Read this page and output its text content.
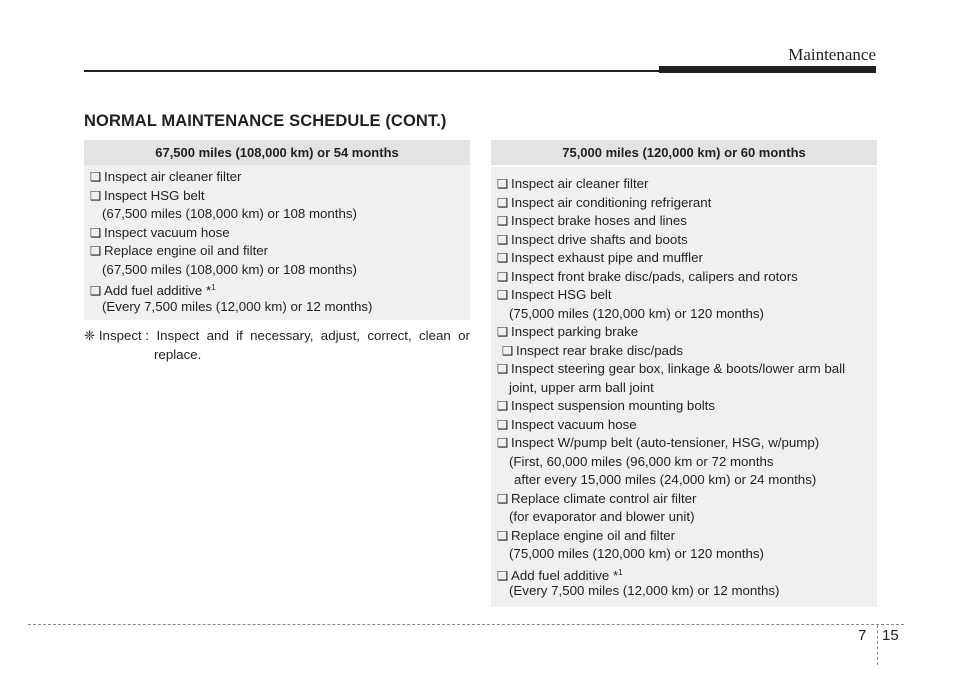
Maintenance
NORMAL MAINTENANCE SCHEDULE (CONT.)
67,500 miles (108,000 km) or 54 months
❑ Inspect air cleaner filter
❑ Inspect HSG belt
(67,500 miles (108,000 km) or 108 months)
❑ Inspect vacuum hose
❑ Replace engine oil and filter
(67,500 miles (108,000 km) or 108 months)
❑ Add fuel additive *$^1$
(Every 7,500 miles (12,000 km) or 12 months)
❈ Inspect : Inspect and if necessary, adjust, correct, clean or
replace.
75,000 miles (120,000 km) or 60 months
❑ Inspect air cleaner filter
❑ Inspect air conditioning refrigerant
❑ Inspect brake hoses and lines
❑ Inspect drive shafts and boots
❑ Inspect exhaust pipe and muffler
❑ Inspect front brake disc/pads, calipers and rotors
❑ Inspect HSG belt
(75,000 miles (120,000 km) or 120 months)
❑ Inspect parking brake
❑ Inspect rear brake disc/pads
❑ Inspect steering gear box, linkage & boots/lower arm ball
joint, upper arm ball joint
❑ Inspect suspension mounting bolts
❑ Inspect vacuum hose
❑ Inspect W/pump belt (auto-tensioner, HSG, w/pump)
(First, 60,000 miles (96,000 km or 72 months
after every 15,000 miles (24,000 km) or 24 months)
❑ Replace climate control air filter
(for evaporator and blower unit)
❑ Replace engine oil and filter
(75,000 miles (120,000 km) or 120 months)
❑ Add fuel additive *$^1$
(Every 7,500 miles (12,000 km) or 12 months)
7 15
